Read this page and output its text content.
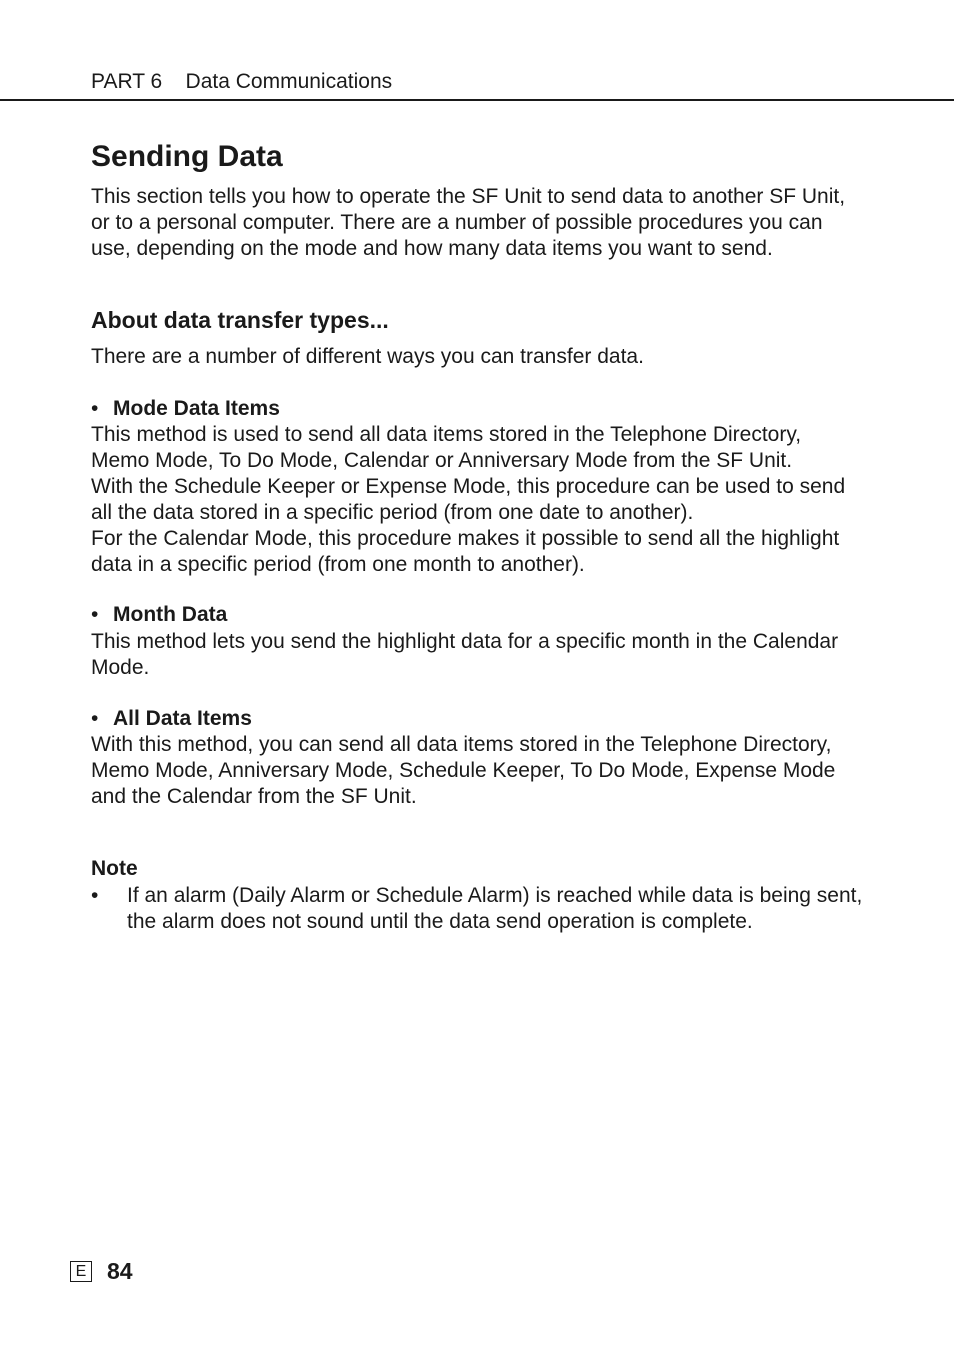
PART 6 Data Communications
Sending Data

This section tells you how to operate the SF Unit to send data to another SF Unit, or to a personal computer. There are a number of possible procedures you can use, depending on the mode and how many data items you want to send.

About data transfer types...

There are a number of different ways you can transfer data.

• Mode Data Items

This method is used to send all data items stored in the Telephone Directory, Memo Mode, To Do Mode, Calendar or Anniversary Mode from the SF Unit.

With the Schedule Keeper or Expense Mode, this procedure can be used to send all the data stored in a specific period (from one date to another).

For the Calendar Mode, this procedure makes it possible to send all the highlight data in a specific period (from one month to another).

• Month Data

This method lets you send the highlight data for a specific month in the Calendar Mode.

• All Data Items

With this method, you can send all data items stored in the Telephone Directory, Memo Mode, Anniversary Mode, Schedule Keeper, To Do Mode, Expense Mode and the Calendar from the SF Unit.

Note
• If an alarm (Daily Alarm or Schedule Alarm) is reached while data is being sent, the alarm does not sound until the data send operation is complete.
E 84
